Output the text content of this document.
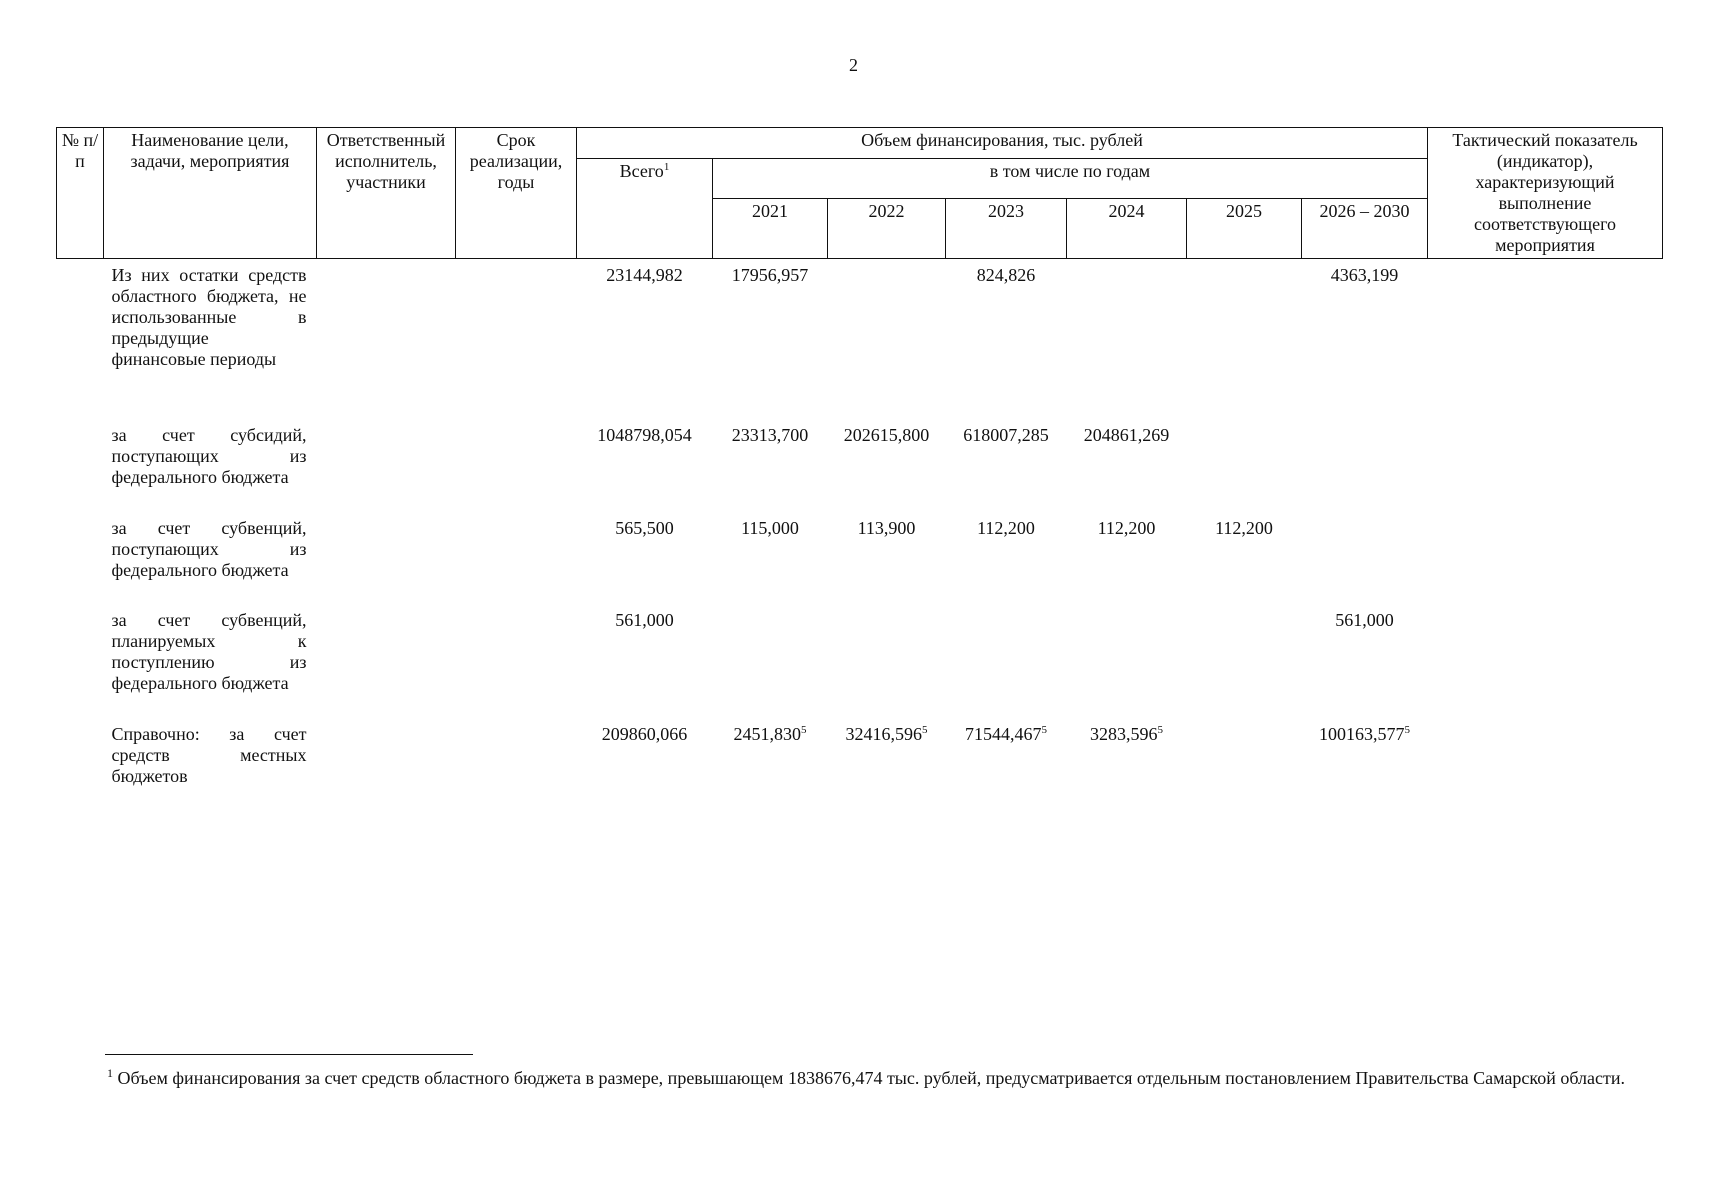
2
№ п/п	Наименование цели, задачи, мероприятия	Ответственный исполнитель, участники	Срок реализации, годы	Объем финансирования, тыс. рублей							Тактический показатель (индикатор), характеризующий выполнение соответствующего мероприятия
				Всего$^1$	в том числе по годам						
					2021	2022	2023	2024	2025	2026 – 2030	
	Из них остатки средств областного бюджета, не использованные в предыдущие финансовые периоды			23144,982	17956,957		824,826			4363,199	
	за счет субсидий, поступающих из федерального бюджета			1048798,054	23313,700	202615,800	618007,285	204861,269			
	за счет субвенций, поступающих из федерального бюджета			565,500	115,000	113,900	112,200	112,200	112,200		
	за счет субвенций, планируемых к поступлению из федерального бюджета			561,000						561,000	
	Справочно: за счет средств местных бюджетов			209860,066	2451,830$^5$	32416,596$^5$	71544,467$^5$	3283,596$^5$		100163,577$^5$	
$^1$ Объем финансирования за счет средств областного бюджета в размере, превышающем 1838676,474 тыс. рублей, предусматривается отдельным постановлением Правительства Самарской области.
